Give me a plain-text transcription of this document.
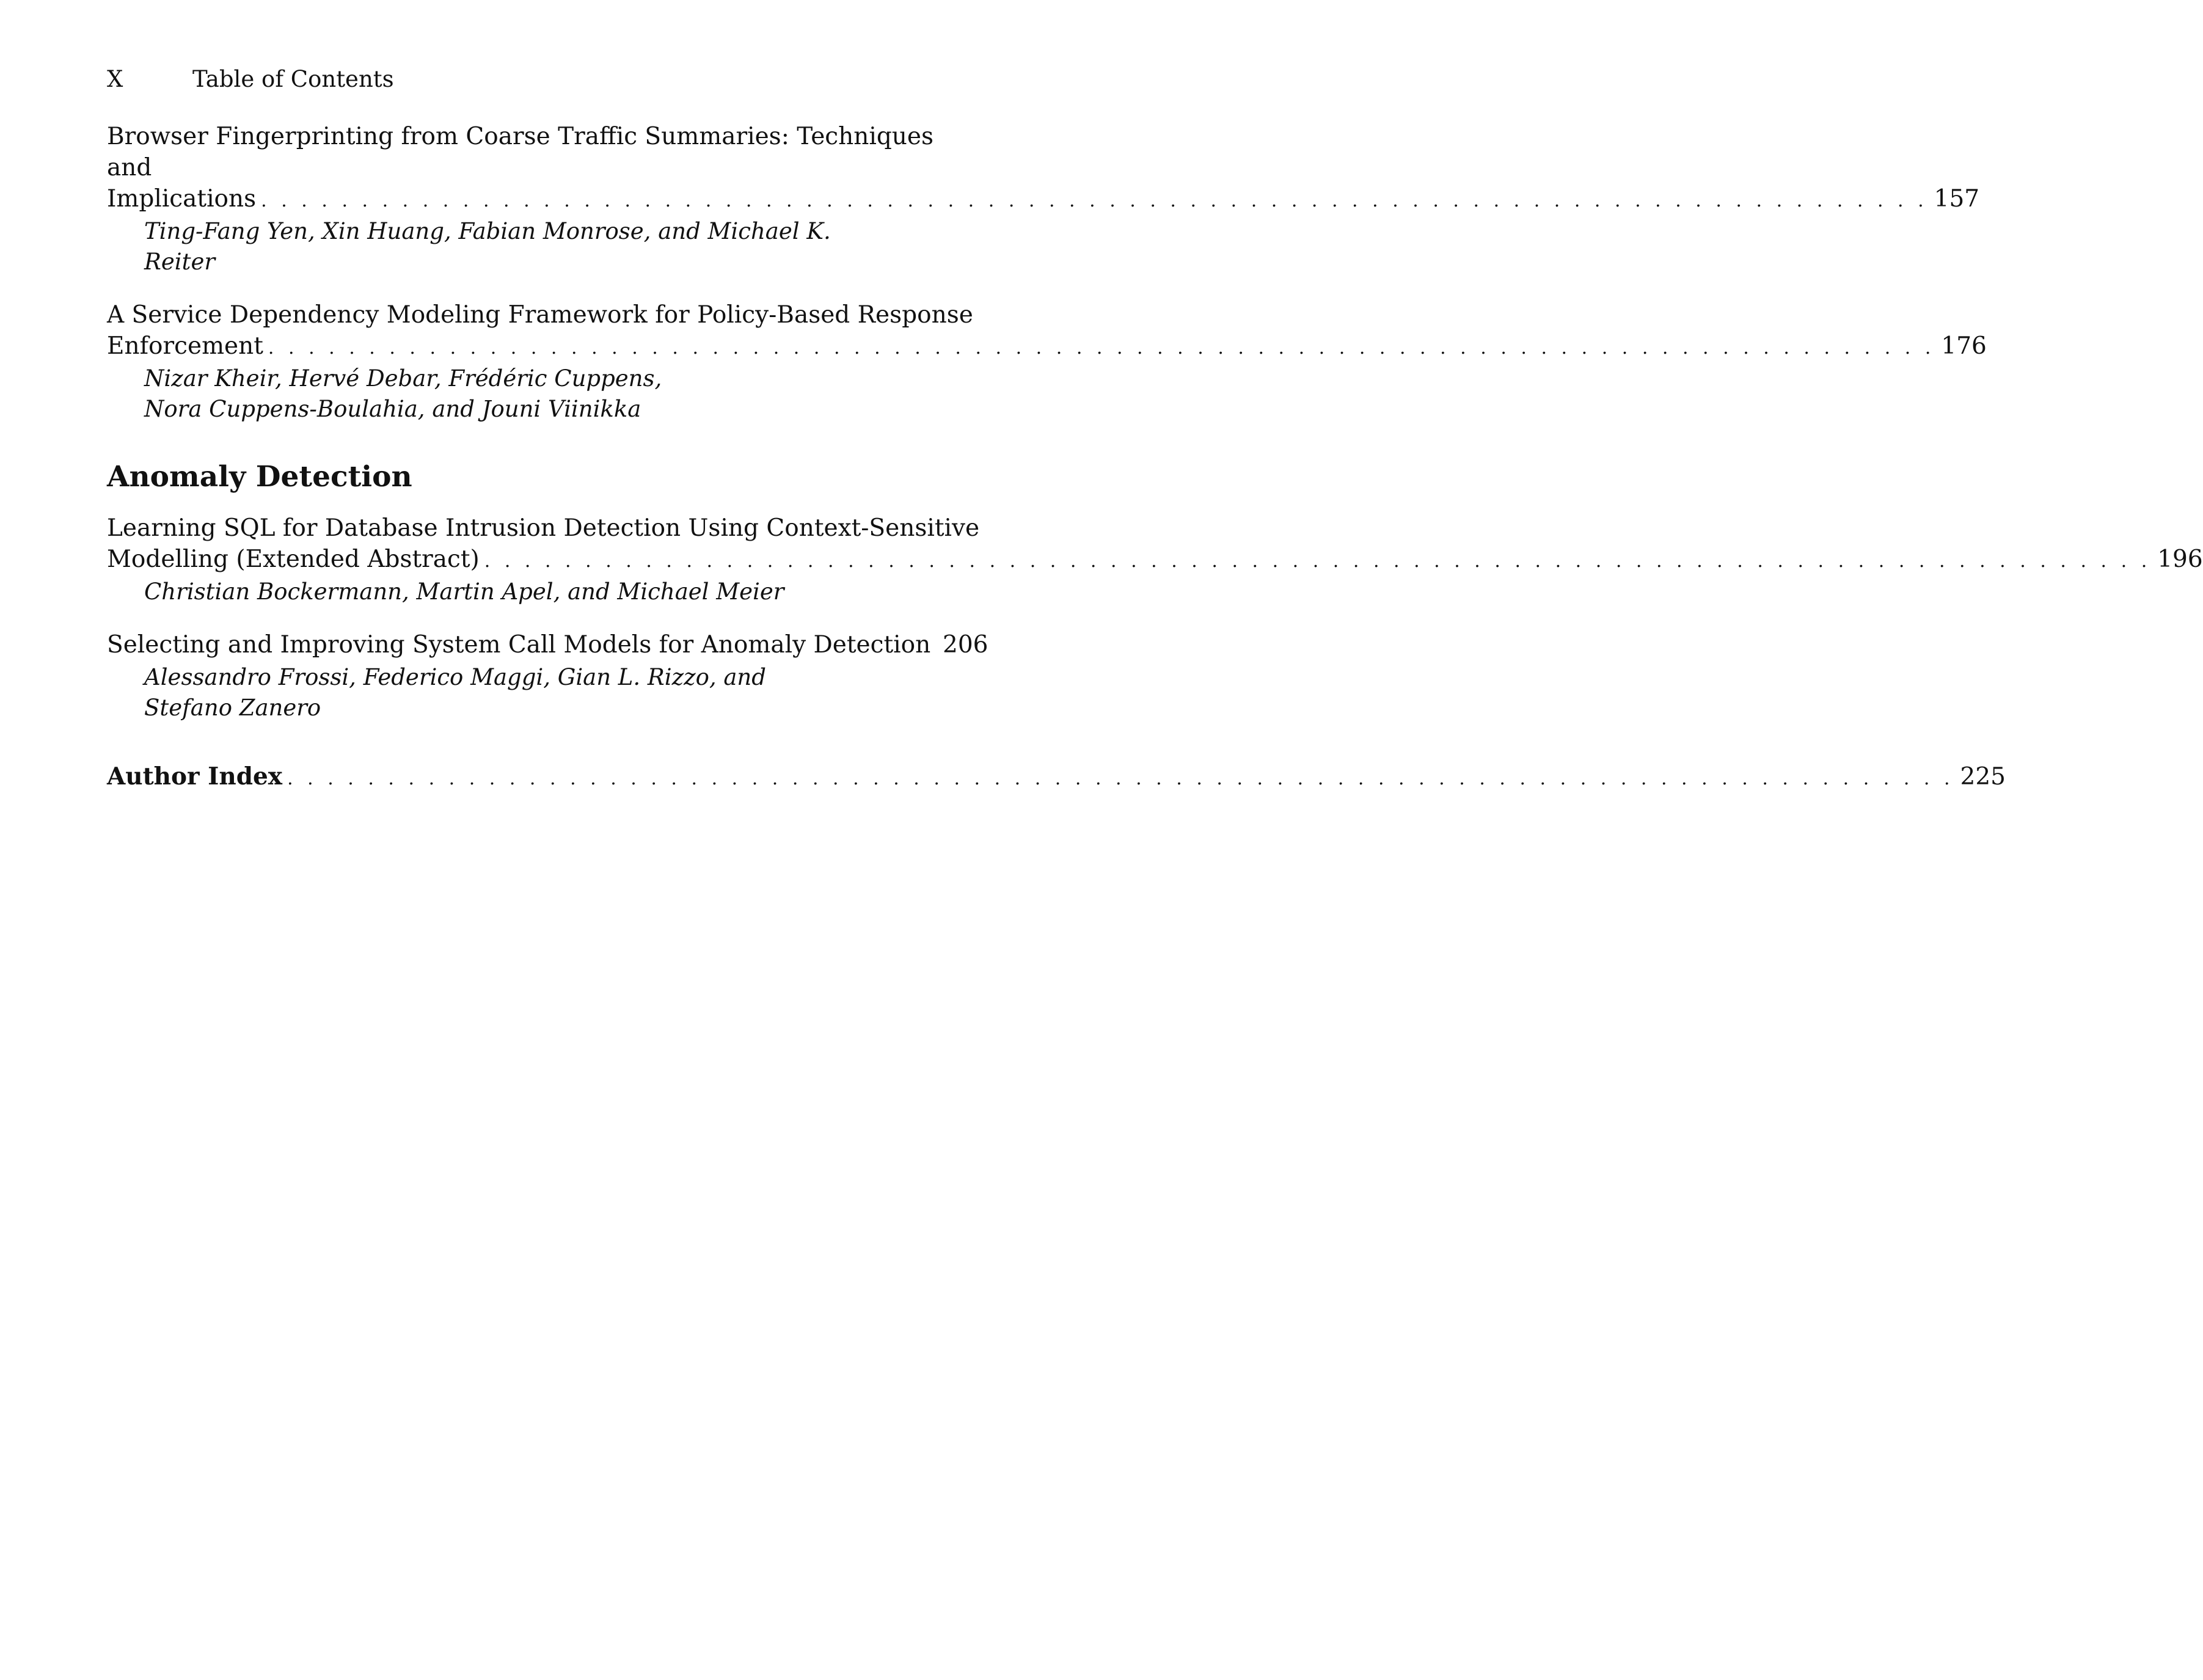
X	Table of Contents
Browser Fingerprinting from Coarse Traffic Summaries: Techniques and
Implications . . . . . . . . . . . . . . . . . . . . . . . . . . . . . . . . . . . . . . . . . . . . . . . . . . . . . . . . . . . . . . . . . . . . . . . . . . . . . . . . . . . 157
Ting-Fang Yen, Xin Huang, Fabian Monrose, and Michael K. Reiter
A Service Dependency Modeling Framework for Policy-Based Response
Enforcement . . . . . . . . . . . . . . . . . . . . . . . . . . . . . . . . . . . . . . . . . . . . . . . . . . . . . . . . . . . . . . . . . . . . . . . . . . . . . . . . . . . 176
Nizar Kheir, Hervé Debar, Frédéric Cuppens,
Nora Cuppens-Boulahia, and Jouni Viinikka
Anomaly Detection
Learning SQL for Database Intrusion Detection Using Context-Sensitive
Modelling (Extended Abstract) . . . . . . . . . . . . . . . . . . . . . . . . . . . . . . . . . . . . . . . . . . . . . . . . . . . . . . . . . . . . . . . . . . . . . . . . . . . . . . . . . . . 196
Christian Bockermann, Martin Apel, and Michael Meier
Selecting and Improving System Call Models for Anomaly Detection 206
Alessandro Frossi, Federico Maggi, Gian L. Rizzo, and
Stefano Zanero
Author Index . . . . . . . . . . . . . . . . . . . . . . . . . . . . . . . . . . . . . . . . . . . . . . . . . . . . . . . . . . . . . . . . . . . . . . . . . . . . . . . . . . . 225
